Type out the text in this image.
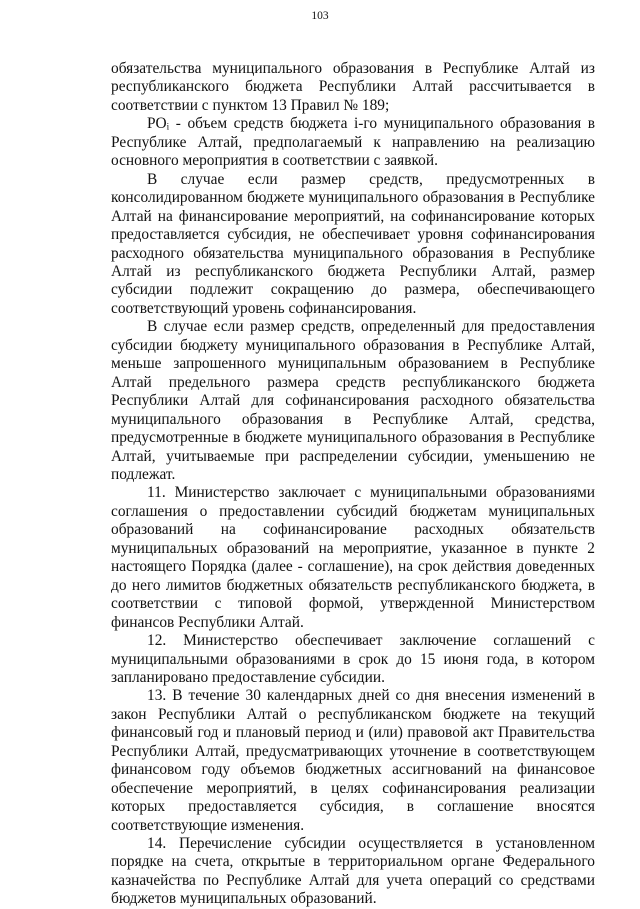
103

обязательства муниципального образования в Республике Алтай из республиканского бюджета Республики Алтай рассчитывается в соответствии с пунктом 13 Правил № 189;

POᵢ - объем средств бюджета i-го муниципального образования в Республике Алтай, предполагаемый к направлению на реализацию основного мероприятия в соответствии с заявкой.

В случае если размер средств, предусмотренных в консолидированном бюджете муниципального образования в Республике Алтай на финансирование мероприятий, на софинансирование которых предоставляется субсидия, не обеспечивает уровня софинансирования расходного обязательства муниципального образования в Республике Алтай из республиканского бюджета Республики Алтай, размер субсидии подлежит сокращению до размера, обеспечивающего соответствующий уровень софинансирования.

В случае если размер средств, определенный для предоставления субсидии бюджету муниципального образования в Республике Алтай, меньше запрошенного муниципальным образованием в Республике Алтай предельного размера средств республиканского бюджета Республики Алтай для софинансирования расходного обязательства муниципального образования в Республике Алтай, средства, предусмотренные в бюджете муниципального образования в Республике Алтай, учитываемые при распределении субсидии, уменьшению не подлежат.

11. Министерство заключает с муниципальными образованиями соглашения о предоставлении субсидий бюджетам муниципальных образований на софинансирование расходных обязательств муниципальных образований на мероприятие, указанное в пункте 2 настоящего Порядка (далее - соглашение), на срок действия доведенных до него лимитов бюджетных обязательств республиканского бюджета, в соответствии с типовой формой, утвержденной Министерством финансов Республики Алтай.

12. Министерство обеспечивает заключение соглашений с муниципальными образованиями в срок до 15 июня года, в котором запланировано предоставление субсидии.

13. В течение 30 календарных дней со дня внесения изменений в закон Республики Алтай о республиканском бюджете на текущий финансовый год и плановый период и (или) правовой акт Правительства Республики Алтай, предусматривающих уточнение в соответствующем финансовом году объемов бюджетных ассигнований на финансовое обеспечение мероприятий, в целях софинансирования реализации которых предоставляется субсидия, в соглашение вносятся соответствующие изменения.

14. Перечисление субсидии осуществляется в установленном порядке на счета, открытые в территориальном органе Федерального казначейства по Республике Алтай для учета операций со средствами бюджетов муниципальных образований.
